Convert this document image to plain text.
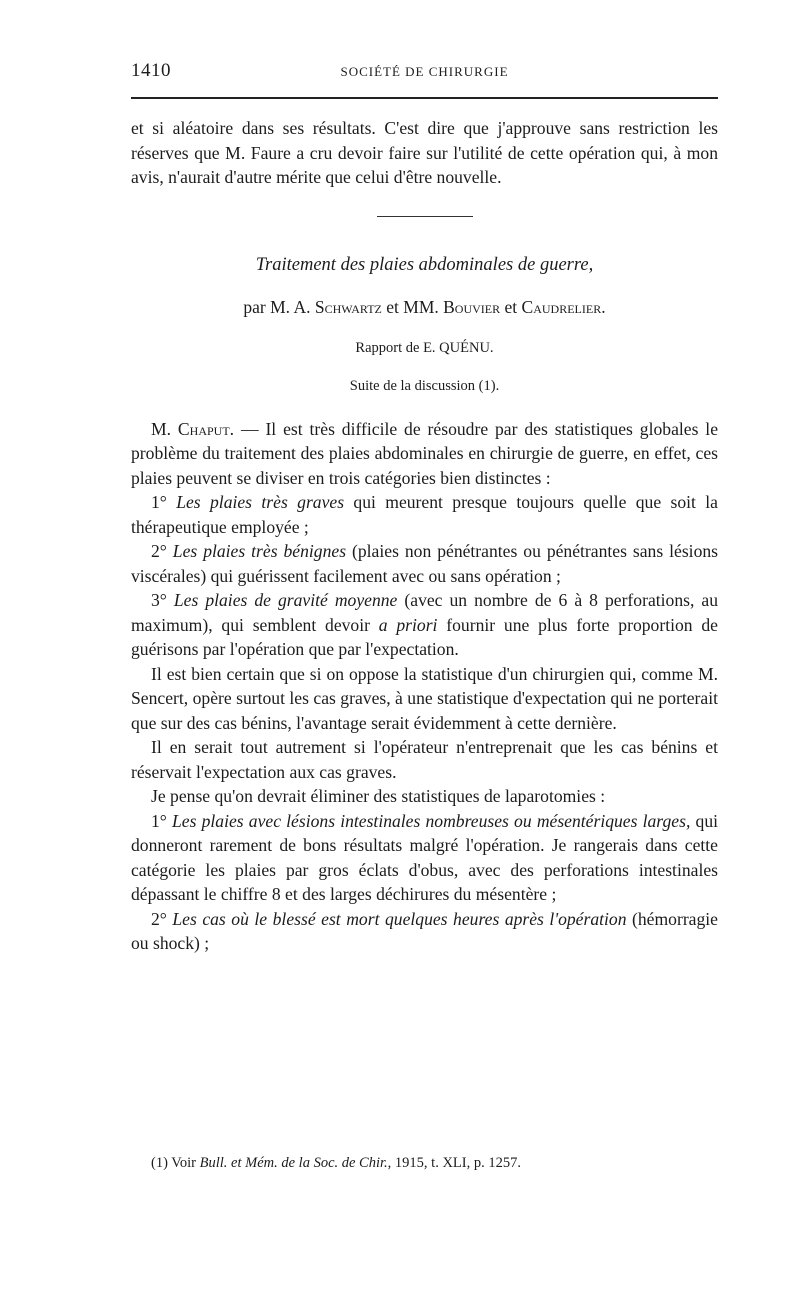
1410	SOCIÉTÉ DE CHIRURGIE

et si aléatoire dans ses résultats. C'est dire que j'approuve sans restriction les réserves que M. Faure a cru devoir faire sur l'utilité de cette opération qui, à mon avis, n'aurait d'autre mérite que celui d'être nouvelle.

Traitement des plaies abdominales de guerre,
par M. A. Schwartz et MM. Bouvier et Caudrelier.
Rapport de E. QUÉNU.
Suite de la discussion (1).

M. Chaput. — Il est très difficile de résoudre par des statistiques globales le problème du traitement des plaies abdominales en chirurgie de guerre, en effet, ces plaies peuvent se diviser en trois catégories bien distinctes :

1° Les plaies très graves qui meurent presque toujours quelle que soit la thérapeutique employée ;

2° Les plaies très bénignes (plaies non pénétrantes ou pénétrantes sans lésions viscérales) qui guérissent facilement avec ou sans opération ;

3° Les plaies de gravité moyenne (avec un nombre de 6 à 8 perforations, au maximum), qui semblent devoir a priori fournir une plus forte proportion de guérisons par l'opération que par l'expectation.

Il est bien certain que si on oppose la statistique d'un chirurgien qui, comme M. Sencert, opère surtout les cas graves, à une statistique d'expectation qui ne porterait que sur des cas bénins, l'avantage serait évidemment à cette dernière.

Il en serait tout autrement si l'opérateur n'entreprenait que les cas bénins et réservait l'expectation aux cas graves.

Je pense qu'on devrait éliminer des statistiques de laparotomies :

1° Les plaies avec lésions intestinales nombreuses ou mésentériques larges, qui donneront rarement de bons résultats malgré l'opération. Je rangerais dans cette catégorie les plaies par gros éclats d'obus, avec des perforations intestinales dépassant le chiffre 8 et des larges déchirures du mésentère ;

2° Les cas où le blessé est mort quelques heures après l'opération (hémorragie ou shock) ;

(1) Voir Bull. et Mém. de la Soc. de Chir., 1915, t. XLI, p. 1257.
